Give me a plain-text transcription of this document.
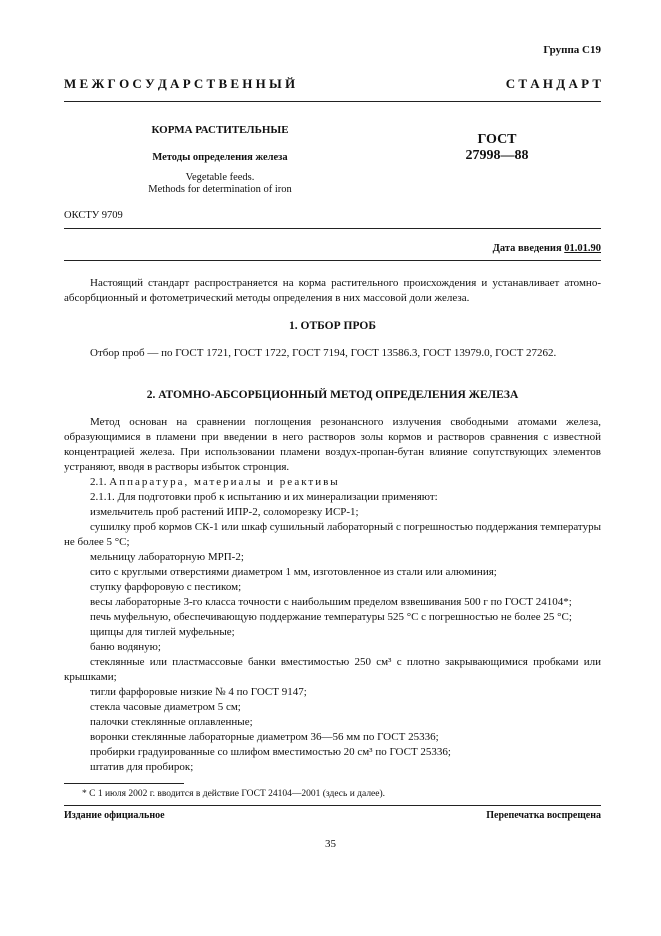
Группа С19
М Е Ж Г О С У Д А Р С Т В Е Н Н Ы Й	С Т А Н Д А Р Т
КОРМА РАСТИТЕЛЬНЫЕ
Методы определения железа
Vegetable feeds.
Methods for determination of iron
ГОСТ
27998—88
ОКСТУ 9709
Дата введения 01.01.90

Настоящий стандарт распространяется на корма растительного происхождения и устанавливает атомно-абсорбционный и фотометрический методы определения в них массовой доли железа.

1. ОТБОР ПРОБ

Отбор проб — по ГОСТ 1721, ГОСТ 1722, ГОСТ 7194, ГОСТ 13586.3, ГОСТ 13979.0, ГОСТ 27262.

2. АТОМНО-АБСОРБЦИОННЫЙ МЕТОД ОПРЕДЕЛЕНИЯ ЖЕЛЕЗА

Метод основан на сравнении поглощения резонансного излучения свободными атомами железа, образующимися в пламени при введении в него растворов золы кормов и растворов сравнения с известной концентрацией железа. При использовании пламени воздух-пропан-бутан влияние сопутствующих элементов устраняют, вводя в растворы избыток стронция.

2.1. Аппаратура, материалы и реактивы

2.1.1. Для подготовки проб к испытанию и их минерализации применяют:

измельчитель проб растений ИПР-2, соломорезку ИСР-1;

сушилку проб кормов СК-1 или шкаф сушильный лабораторный с погрешностью поддержания температуры не более 5 °С;

мельницу лабораторную МРП-2;

сито с круглыми отверстиями диаметром 1 мм, изготовленное из стали или алюминия;

ступку фарфоровую с пестиком;

весы лабораторные 3-го класса точности с наибольшим пределом взвешивания 500 г по ГОСТ 24104*;

печь муфельную, обеспечивающую поддержание температуры 525 °С с погрешностью не более 25 °С;

щипцы для тиглей муфельные;

баню водяную;

стеклянные или пластмассовые банки вместимостью 250 см³ с плотно закрывающимися пробками или крышками;

тигли фарфоровые низкие № 4 по ГОСТ 9147;

стекла часовые диаметром 5 см;

палочки стеклянные оплавленные;

воронки стеклянные лабораторные диаметром 36—56 мм по ГОСТ 25336;

пробирки градуированные со шлифом вместимостью 20 см³ по ГОСТ 25336;

штатив для пробирок;

* С 1 июля 2002 г. вводится в действие ГОСТ 24104—2001 (здесь и далее).
Издание официальное	Перепечатка воспрещена
35
